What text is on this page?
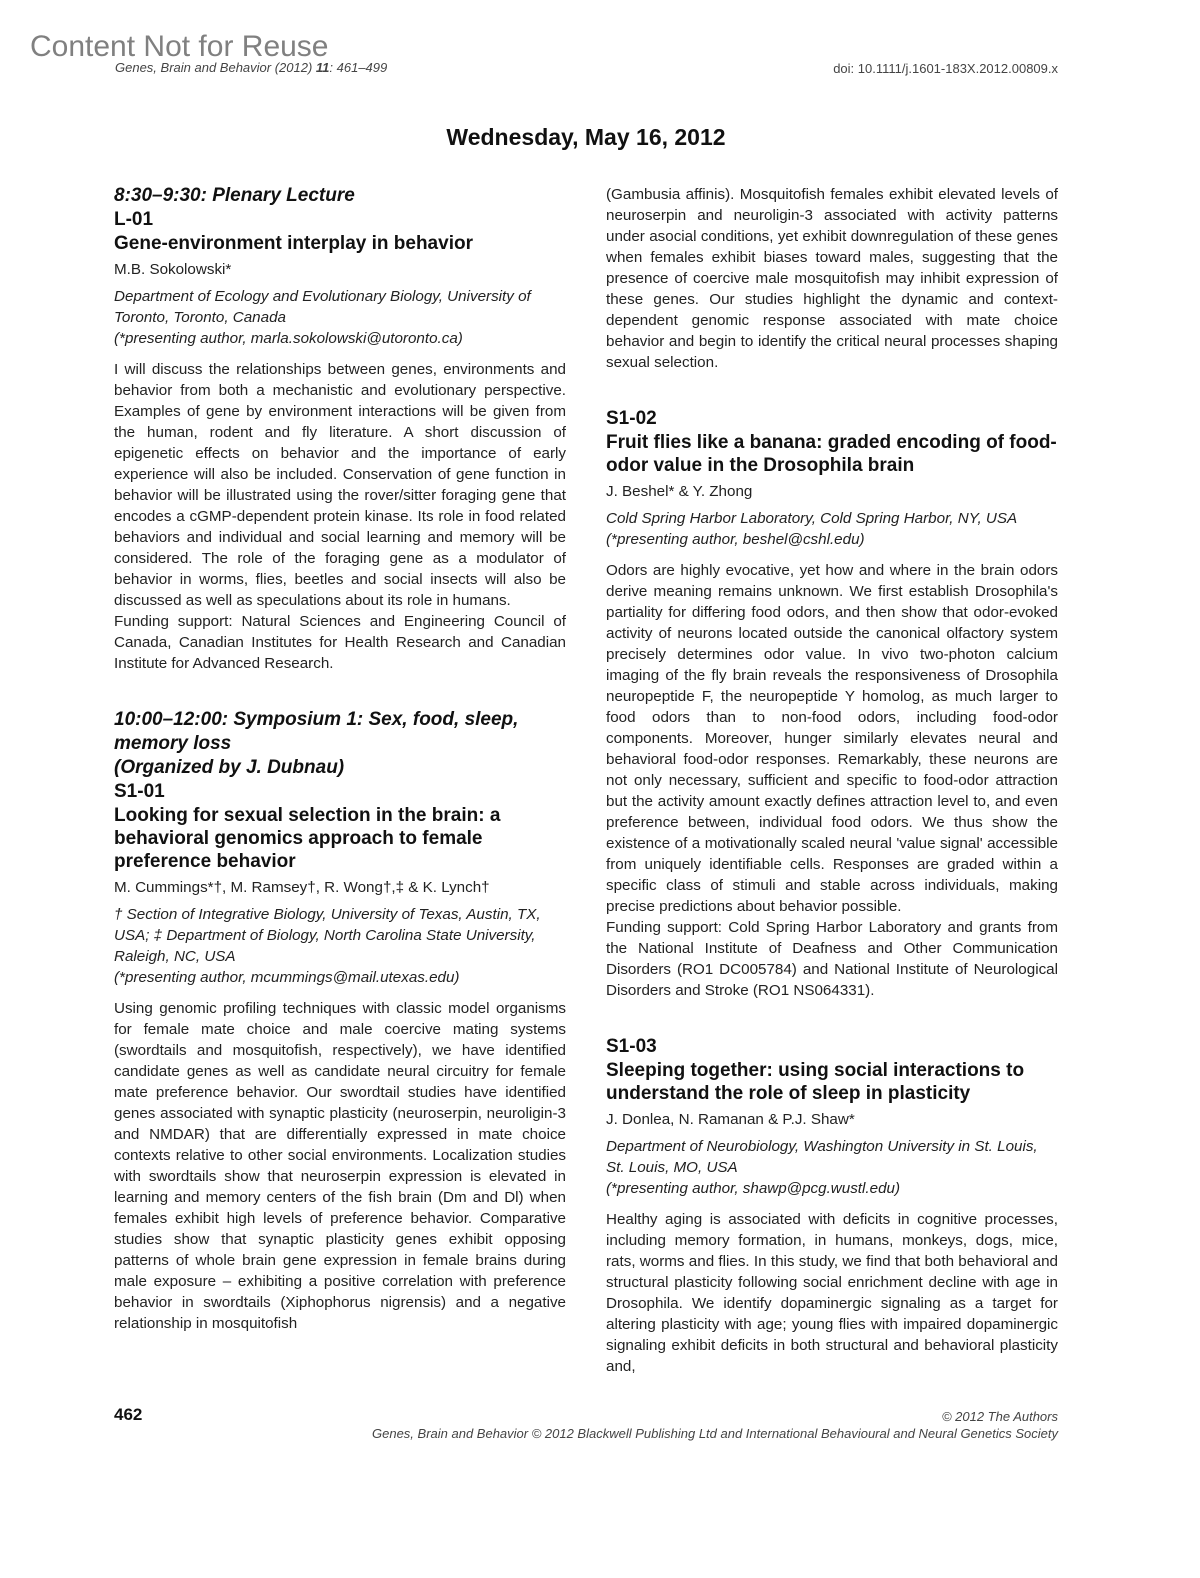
Content Not for Reuse
Genes, Brain and Behavior (2012) 11: 461–499	doi: 10.1111/j.1601-183X.2012.00809.x
Wednesday, May 16, 2012
8:30–9:30: Plenary Lecture
L-01
Gene-environment interplay in behavior
M.B. Sokolowski*
Department of Ecology and Evolutionary Biology, University of Toronto, Toronto, Canada
(*presenting author, marla.sokolowski@utoronto.ca)
I will discuss the relationships between genes, environments and behavior from both a mechanistic and evolutionary perspective. Examples of gene by environment interactions will be given from the human, rodent and fly literature. A short discussion of epigenetic effects on behavior and the importance of early experience will also be included. Conservation of gene function in behavior will be illustrated using the rover/sitter foraging gene that encodes a cGMP-dependent protein kinase. Its role in food related behaviors and individual and social learning and memory will be considered. The role of the foraging gene as a modulator of behavior in worms, flies, beetles and social insects will also be discussed as well as speculations about its role in humans.
Funding support: Natural Sciences and Engineering Council of Canada, Canadian Institutes for Health Research and Canadian Institute for Advanced Research.
10:00–12:00: Symposium 1: Sex, food, sleep, memory loss
(Organized by J. Dubnau)
S1-01
Looking for sexual selection in the brain: a behavioral genomics approach to female preference behavior
M. Cummings*†, M. Ramsey†, R. Wong†,‡ & K. Lynch†
† Section of Integrative Biology, University of Texas, Austin, TX, USA; ‡ Department of Biology, North Carolina State University, Raleigh, NC, USA
(*presenting author, mcummings@mail.utexas.edu)
Using genomic profiling techniques with classic model organisms for female mate choice and male coercive mating systems (swordtails and mosquitofish, respectively), we have identified candidate genes as well as candidate neural circuitry for female mate preference behavior. Our swordtail studies have identified genes associated with synaptic plasticity (neuroserpin, neuroligin-3 and NMDAR) that are differentially expressed in mate choice contexts relative to other social environments. Localization studies with swordtails show that neuroserpin expression is elevated in learning and memory centers of the fish brain (Dm and Dl) when females exhibit high levels of preference behavior. Comparative studies show that synaptic plasticity genes exhibit opposing patterns of whole brain gene expression in female brains during male exposure – exhibiting a positive correlation with preference behavior in swordtails (Xiphophorus nigrensis) and a negative relationship in mosquitofish
(Gambusia affinis). Mosquitofish females exhibit elevated levels of neuroserpin and neuroligin-3 associated with activity patterns under asocial conditions, yet exhibit downregulation of these genes when females exhibit biases toward males, suggesting that the presence of coercive male mosquitofish may inhibit expression of these genes. Our studies highlight the dynamic and context-dependent genomic response associated with mate choice behavior and begin to identify the critical neural processes shaping sexual selection.
S1-02
Fruit flies like a banana: graded encoding of food-odor value in the Drosophila brain
J. Beshel* & Y. Zhong
Cold Spring Harbor Laboratory, Cold Spring Harbor, NY, USA
(*presenting author, beshel@cshl.edu)
Odors are highly evocative, yet how and where in the brain odors derive meaning remains unknown. We first establish Drosophila's partiality for differing food odors, and then show that odor-evoked activity of neurons located outside the canonical olfactory system precisely determines odor value. In vivo two-photon calcium imaging of the fly brain reveals the responsiveness of Drosophila neuropeptide F, the neuropeptide Y homolog, as much larger to food odors than to non-food odors, including food-odor components. Moreover, hunger similarly elevates neural and behavioral food-odor responses. Remarkably, these neurons are not only necessary, sufficient and specific to food-odor attraction but the activity amount exactly defines attraction level to, and even preference between, individual food odors. We thus show the existence of a motivationally scaled neural 'value signal' accessible from uniquely identifiable cells. Responses are graded within a specific class of stimuli and stable across individuals, making precise predictions about behavior possible.
Funding support: Cold Spring Harbor Laboratory and grants from the National Institute of Deafness and Other Communication Disorders (RO1 DC005784) and National Institute of Neurological Disorders and Stroke (RO1 NS064331).
S1-03
Sleeping together: using social interactions to understand the role of sleep in plasticity
J. Donlea, N. Ramanan & P.J. Shaw*
Department of Neurobiology, Washington University in St. Louis, St. Louis, MO, USA
(*presenting author, shawp@pcg.wustl.edu)
Healthy aging is associated with deficits in cognitive processes, including memory formation, in humans, monkeys, dogs, mice, rats, worms and flies. In this study, we find that both behavioral and structural plasticity following social enrichment decline with age in Drosophila. We identify dopaminergic signaling as a target for altering plasticity with age; young flies with impaired dopaminergic signaling exhibit deficits in both structural and behavioral plasticity and,
462	© 2012 The Authors
Genes, Brain and Behavior © 2012 Blackwell Publishing Ltd and International Behavioural and Neural Genetics Society
